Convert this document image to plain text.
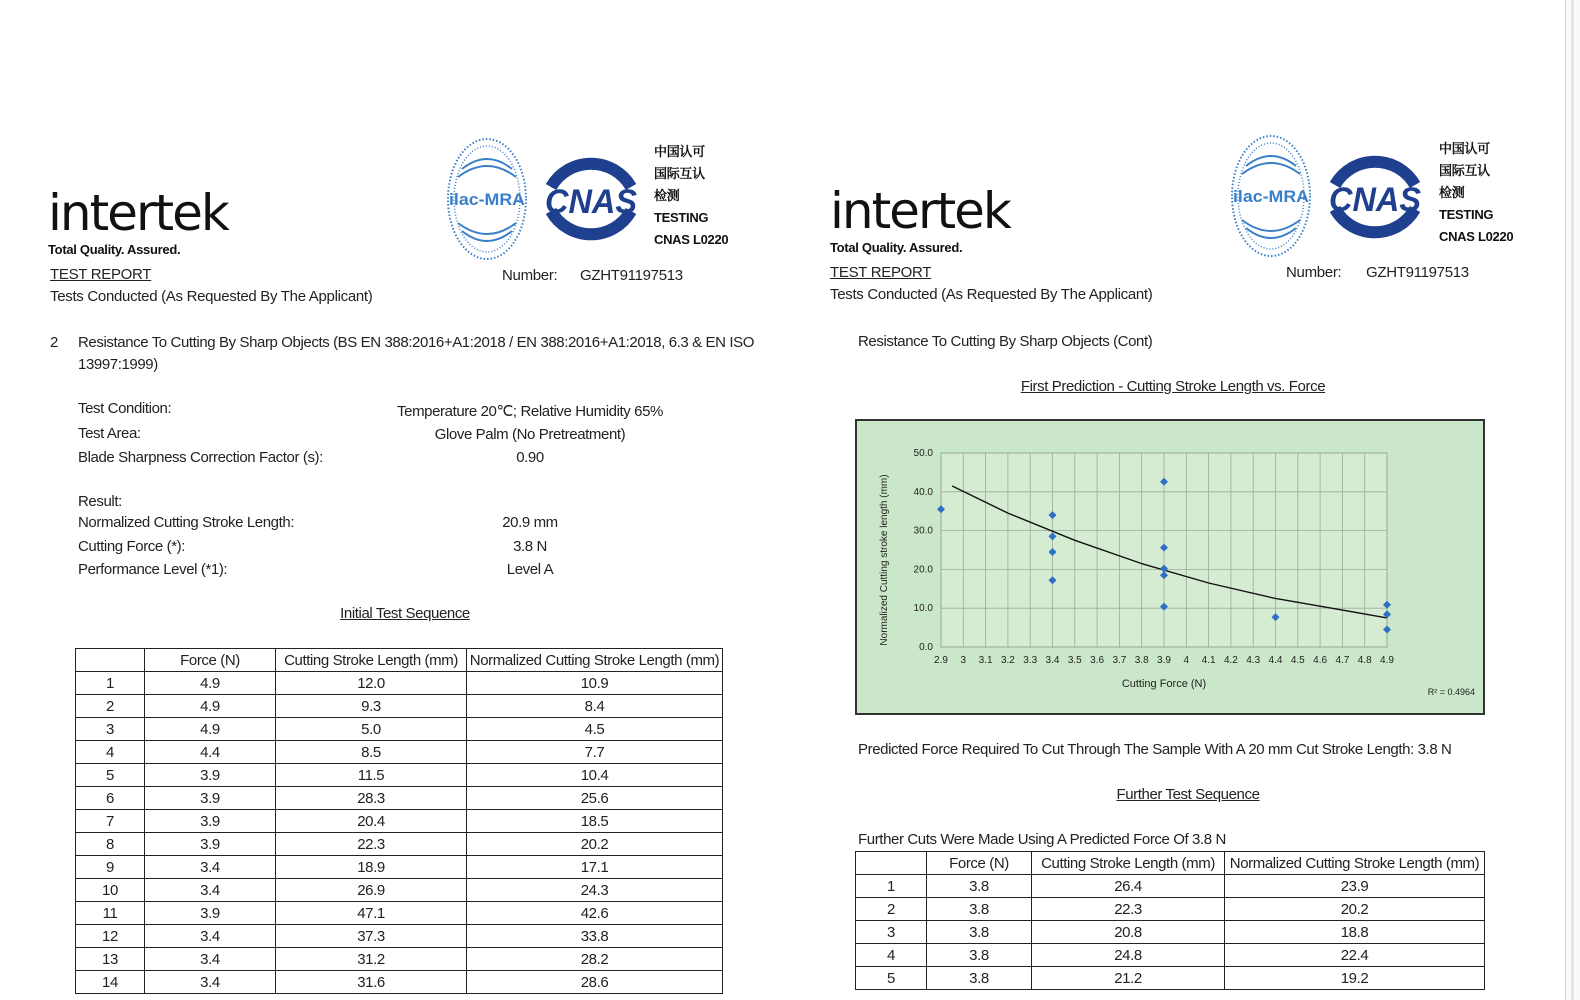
intertek
Total Quality. Assured.
TEST REPORT
Tests Conducted (As Requested By The Applicant)
ilac-MRA CNAS
中国认可
国际互认
检测
TESTING
CNAS L0220
Number: GZHT91197513
2 Resistance To Cutting By Sharp Objects (BS EN 388:2016+A1:2018 / EN 388:2016+A1:2018, 6.3 & EN ISO
13997:1999)
Test Condition:	Temperature 20℃; Relative Humidity 65%
Test Area:	Glove Palm (No Pretreatment)
Blade Sharpness Correction Factor (s):	0.90
Result:
Normalized Cutting Stroke Length:	20.9 mm
Cutting Force (*):	3.8 N
Performance Level (*1):	Level A
Initial Test Sequence
	Force (N)	Cutting Stroke Length (mm)	Normalized Cutting Stroke Length (mm)
1	4.9	12.0	10.9
2	4.9	9.3	8.4
3	4.9	5.0	4.5
4	4.4	8.5	7.7
5	3.9	11.5	10.4
6	3.9	28.3	25.6
7	3.9	20.4	18.5
8	3.9	22.3	20.2
9	3.4	18.9	17.1
10	3.4	26.9	24.3
11	3.9	47.1	42.6
12	3.4	37.3	33.8
13	3.4	31.2	28.2
14	3.4	31.6	28.6
intertek
Total Quality. Assured.
TEST REPORT
Tests Conducted (As Requested By The Applicant)
ilac-MRA CNAS
中国认可
国际互认
检测
TESTING
CNAS L0220
Number: GZHT91197513
Resistance To Cutting By Sharp Objects (Cont)
First Prediction - Cutting Stroke Length vs. Force
2.9 3 3.1 3.2 3.3 3.4 3.5 3.6 3.7 3.8 3.9 4 4.1 4.2 4.3 4.4 4.5 4.6 4.7 4.8 4.9
0.0
10.0
20.0
30.0
40.0
50.0
Cutting Force (N)
Normalized Cutting stroke length (mm)
R² = 0.4964
Predicted Force Required To Cut Through The Sample With A 20 mm Cut Stroke Length: 3.8 N
Further Test Sequence
Further Cuts Were Made Using A Predicted Force Of 3.8 N
	Force (N)	Cutting Stroke Length (mm)	Normalized Cutting Stroke Length (mm)
1	3.8	26.4	23.9
2	3.8	22.3	20.2
3	3.8	20.8	18.8
4	3.8	24.8	22.4
5	3.8	21.2	19.2
